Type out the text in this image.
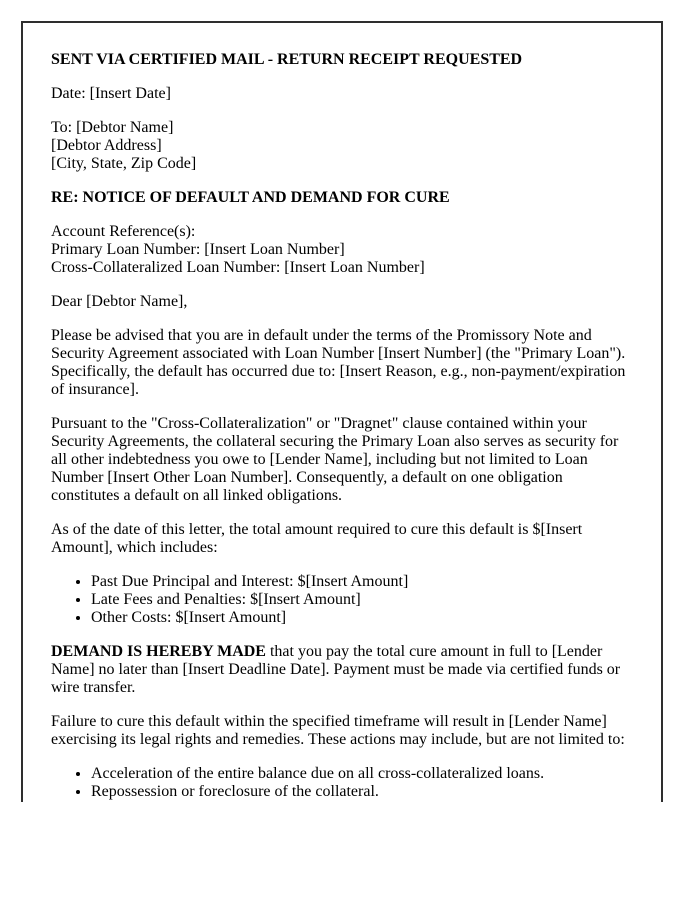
SENT VIA CERTIFIED MAIL - RETURN RECEIPT REQUESTED

Date: [Insert Date]

To: [Debtor Name]
[Debtor Address]
[City, State, Zip Code]

RE: NOTICE OF DEFAULT AND DEMAND FOR CURE

Account Reference(s):
Primary Loan Number: [Insert Loan Number]
Cross-Collateralized Loan Number: [Insert Loan Number]

Dear [Debtor Name],

Please be advised that you are in default under the terms of the Promissory Note and Security Agreement associated with Loan Number [Insert Number] (the "Primary Loan"). Specifically, the default has occurred due to: [Insert Reason, e.g., non-payment/expiration of insurance].

Pursuant to the "Cross-Collateralization" or "Dragnet" clause contained within your Security Agreements, the collateral securing the Primary Loan also serves as security for all other indebtedness you owe to [Lender Name], including but not limited to Loan Number [Insert Other Loan Number]. Consequently, a default on one obligation constitutes a default on all linked obligations.

As of the date of this letter, the total amount required to cure this default is $[Insert Amount], which includes:

• Past Due Principal and Interest: $[Insert Amount]
• Late Fees and Penalties: $[Insert Amount]
• Other Costs: $[Insert Amount]

DEMAND IS HEREBY MADE that you pay the total cure amount in full to [Lender Name] no later than [Insert Deadline Date]. Payment must be made via certified funds or wire transfer.

Failure to cure this default within the specified timeframe will result in [Lender Name] exercising its legal rights and remedies. These actions may include, but are not limited to:

• Acceleration of the entire balance due on all cross-collateralized loans.
• Repossession or foreclosure of the collateral.
